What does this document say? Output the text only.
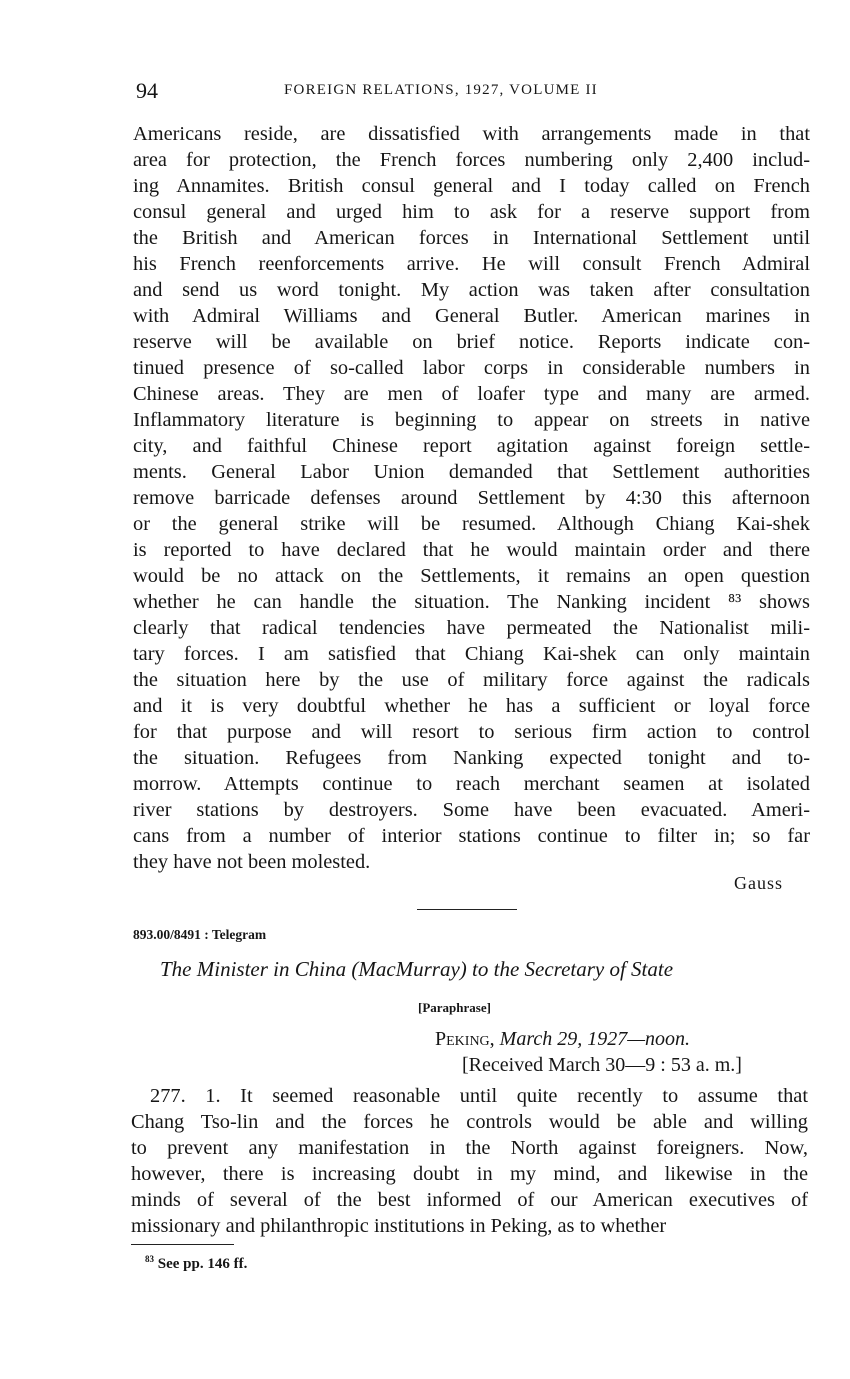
94	FOREIGN RELATIONS, 1927, VOLUME II
Americans reside, are dissatisfied with arrangements made in that
area for protection, the French forces numbering only 2,400 includ-
ing Annamites. British consul general and I today called on French
consul general and urged him to ask for a reserve support from
the British and American forces in International Settlement until
his French reenforcements arrive. He will consult French Admiral
and send us word tonight. My action was taken after consultation
with Admiral Williams and General Butler. American marines in
reserve will be available on brief notice. Reports indicate con-
tinued presence of so-called labor corps in considerable numbers in
Chinese areas. They are men of loafer type and many are armed.
Inflammatory literature is beginning to appear on streets in native
city, and faithful Chinese report agitation against foreign settle-
ments. General Labor Union demanded that Settlement authorities
remove barricade defenses around Settlement by 4:30 this afternoon
or the general strike will be resumed. Although Chiang Kai-shek
is reported to have declared that he would maintain order and there
would be no attack on the Settlements, it remains an open question
whether he can handle the situation. The Nanking incident ⁸³ shows
clearly that radical tendencies have permeated the Nationalist mili-
tary forces. I am satisfied that Chiang Kai-shek can only maintain
the situation here by the use of military force against the radicals
and it is very doubtful whether he has a sufficient or loyal force
for that purpose and will resort to serious firm action to control
the situation. Refugees from Nanking expected tonight and to-
morrow. Attempts continue to reach merchant seamen at isolated
river stations by destroyers. Some have been evacuated. Ameri-
cans from a number of interior stations continue to filter in; so far
they have not been molested.
Gauss
893.00/8491 : Telegram
The Minister in China (MacMurray) to the Secretary of State
[Paraphrase]
Peking, March 29, 1927—noon.
[Received March 30—9 : 53 a. m.]
277. 1. It seemed reasonable until quite recently to assume that
Chang Tso-lin and the forces he controls would be able and willing
to prevent any manifestation in the North against foreigners. Now,
however, there is increasing doubt in my mind, and likewise in the
minds of several of the best informed of our American executives of
missionary and philanthropic institutions in Peking, as to whether
$^{83}$ See pp. 146 ff.
